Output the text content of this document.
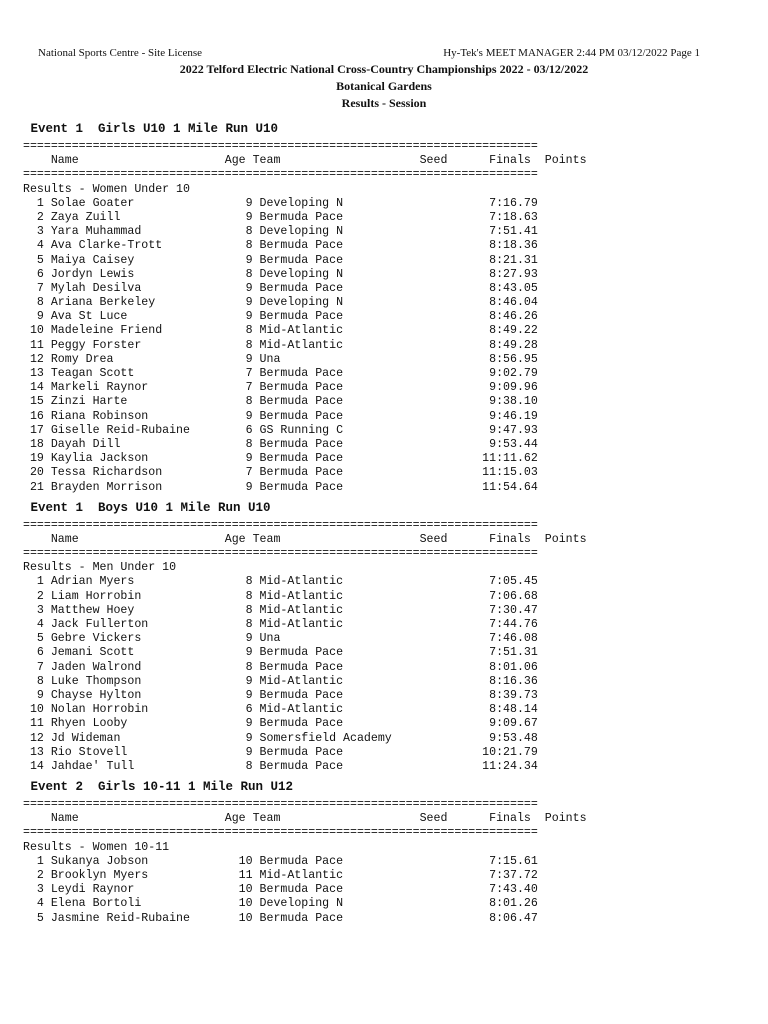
National Sports Centre - Site License	Hy-Tek's MEET MANAGER 2:44 PM 03/12/2022 Page 1
2022 Telford Electric National Cross-Country Championships 2022 - 03/12/2022
Botanical Gardens
Results - Session
Event 1  Girls U10 1 Mile Run U10
==========================================================================
Name                     Age Team                    Seed      Finals  Points
==========================================================================
Results - Women Under 10
1 Solae Goater                9 Developing N                     7:16.79
2 Zaya Zuill                  9 Bermuda Pace                     7:18.63
3 Yara Muhammad               8 Developing N                     7:51.41
4 Ava Clarke-Trott            8 Bermuda Pace                     8:18.36
5 Maiya Caisey                9 Bermuda Pace                     8:21.31
6 Jordyn Lewis                8 Developing N                     8:27.93
7 Mylah Desilva               9 Bermuda Pace                     8:43.05
8 Ariana Berkeley             9 Developing N                     8:46.04
9 Ava St Luce                 9 Bermuda Pace                     8:46.26
10 Madeleine Friend            8 Mid-Atlantic                     8:49.22
11 Peggy Forster               8 Mid-Atlantic                     8:49.28
12 Romy Drea                   9 Una                              8:56.95
13 Teagan Scott                7 Bermuda Pace                     9:02.79
14 Markeli Raynor              7 Bermuda Pace                     9:09.96
15 Zinzi Harte                 8 Bermuda Pace                     9:38.10
16 Riana Robinson              9 Bermuda Pace                     9:46.19
17 Giselle Reid-Rubaine        6 GS Running C                     9:47.93
18 Dayah Dill                  8 Bermuda Pace                     9:53.44
19 Kaylia Jackson              9 Bermuda Pace                    11:11.62
20 Tessa Richardson            7 Bermuda Pace                    11:15.03
21 Brayden Morrison            9 Bermuda Pace                    11:54.64
Event 1  Boys U10 1 Mile Run U10
==========================================================================
Name                     Age Team                    Seed      Finals  Points
==========================================================================
Results - Men Under 10
1 Adrian Myers                8 Mid-Atlantic                     7:05.45
2 Liam Horrobin               8 Mid-Atlantic                     7:06.68
3 Matthew Hoey                8 Mid-Atlantic                     7:30.47
4 Jack Fullerton              8 Mid-Atlantic                     7:44.76
5 Gebre Vickers               9 Una                              7:46.08
6 Jemani Scott                9 Bermuda Pace                     7:51.31
7 Jaden Walrond               8 Bermuda Pace                     8:01.06
8 Luke Thompson               9 Mid-Atlantic                     8:16.36
9 Chayse Hylton               9 Bermuda Pace                     8:39.73
10 Nolan Horrobin              6 Mid-Atlantic                     8:48.14
11 Rhyen Looby                 9 Bermuda Pace                     9:09.67
12 Jd Wideman                  9 Somersfield Academy              9:53.48
13 Rio Stovell                 9 Bermuda Pace                    10:21.79
14 Jahdae' Tull                8 Bermuda Pace                    11:24.34
Event 2  Girls 10-11 1 Mile Run U12
==========================================================================
Name                     Age Team                    Seed      Finals  Points
==========================================================================
Results - Women 10-11
1 Sukanya Jobson             10 Bermuda Pace                     7:15.61
2 Brooklyn Myers             11 Mid-Atlantic                     7:37.72
3 Leydi Raynor               10 Bermuda Pace                     7:43.40
4 Elena Bortoli              10 Developing N                     8:01.26
5 Jasmine Reid-Rubaine       10 Bermuda Pace                     8:06.47
